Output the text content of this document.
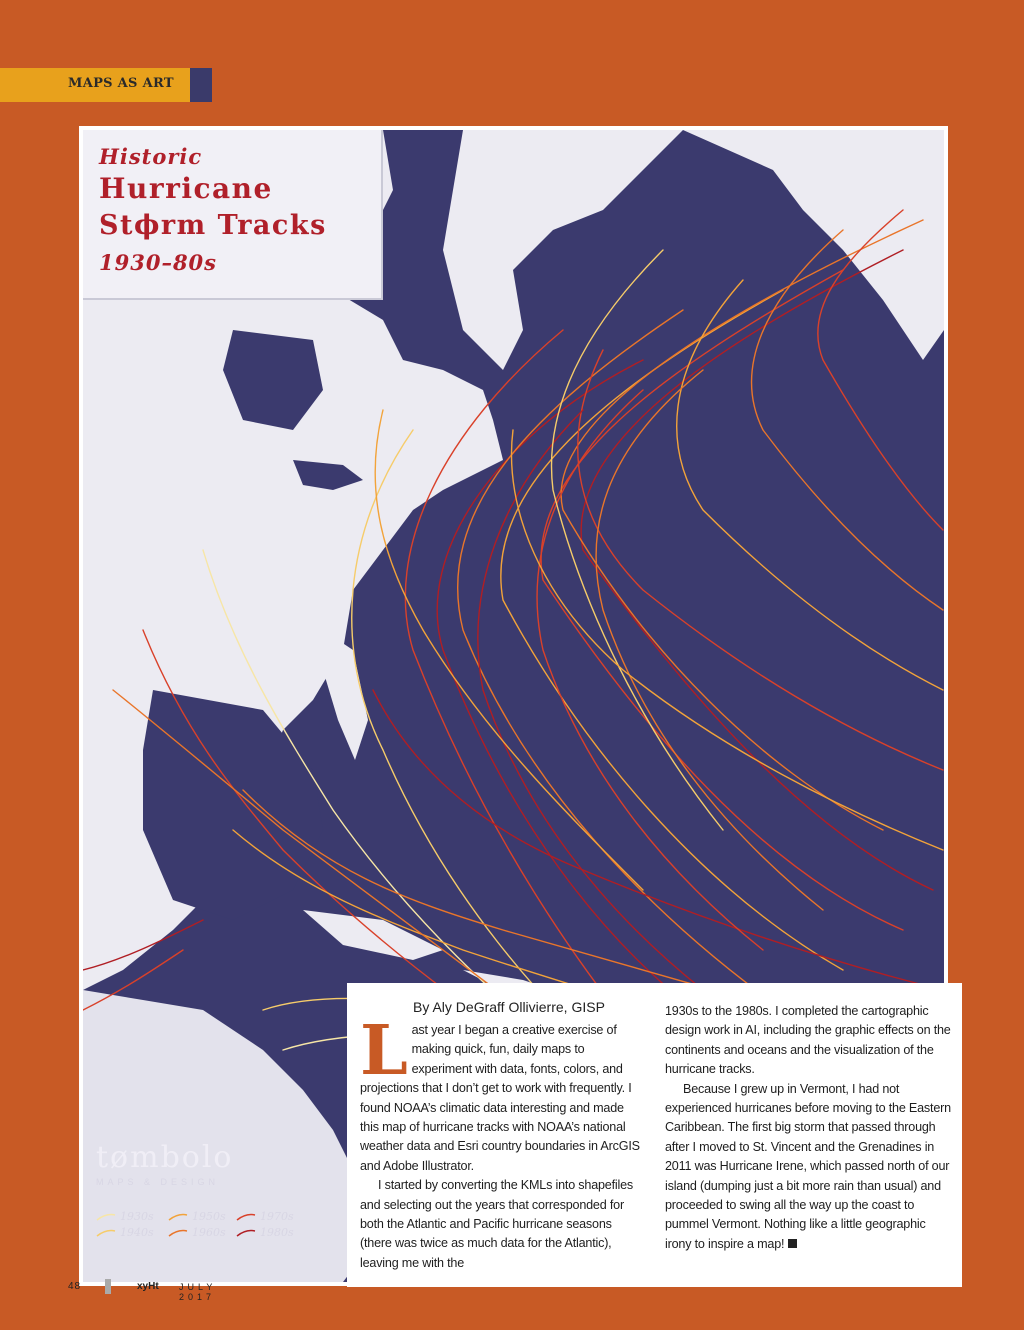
MAPS AS ART
Historic
Hurricane
Stϕrm Tracks
1930–80s
tømbolo
MAPS & DESIGN
1930s
1940s
1950s
1960s
1970s
1980s
By Aly DeGraff Ollivierre, GISP

Last year I began a creative exercise of making quick, fun, daily maps to experiment with data, fonts, colors, and projections that I don’t get to work with frequently. I found NOAA’s climatic data interesting and made this map of hurricane tracks with NOAA’s national weather data and Esri country boundaries in ArcGIS and Adobe Illustrator.

I started by converting the KMLs into shapefiles and selecting out the years that corresponded for both the Atlantic and Pacific hurricane seasons (there was twice as much data for the Atlantic), leaving me with the

1930s to the 1980s. I completed the cartographic design work in AI, including the graphic effects on the continents and oceans and the visualization of the hurricane tracks.

Because I grew up in Vermont, I had not experienced hurricanes before moving to the Eastern Caribbean. The first big storm that passed through after I moved to St. Vincent and the Grenadines in 2011 was Hurricane Irene, which passed north of our island (dumping just a bit more rain than usual) and proceeded to swing all the way up the coast to pummel Vermont. Nothing like a little geographic irony to inspire a map!

48	xyHt JULY 2017
